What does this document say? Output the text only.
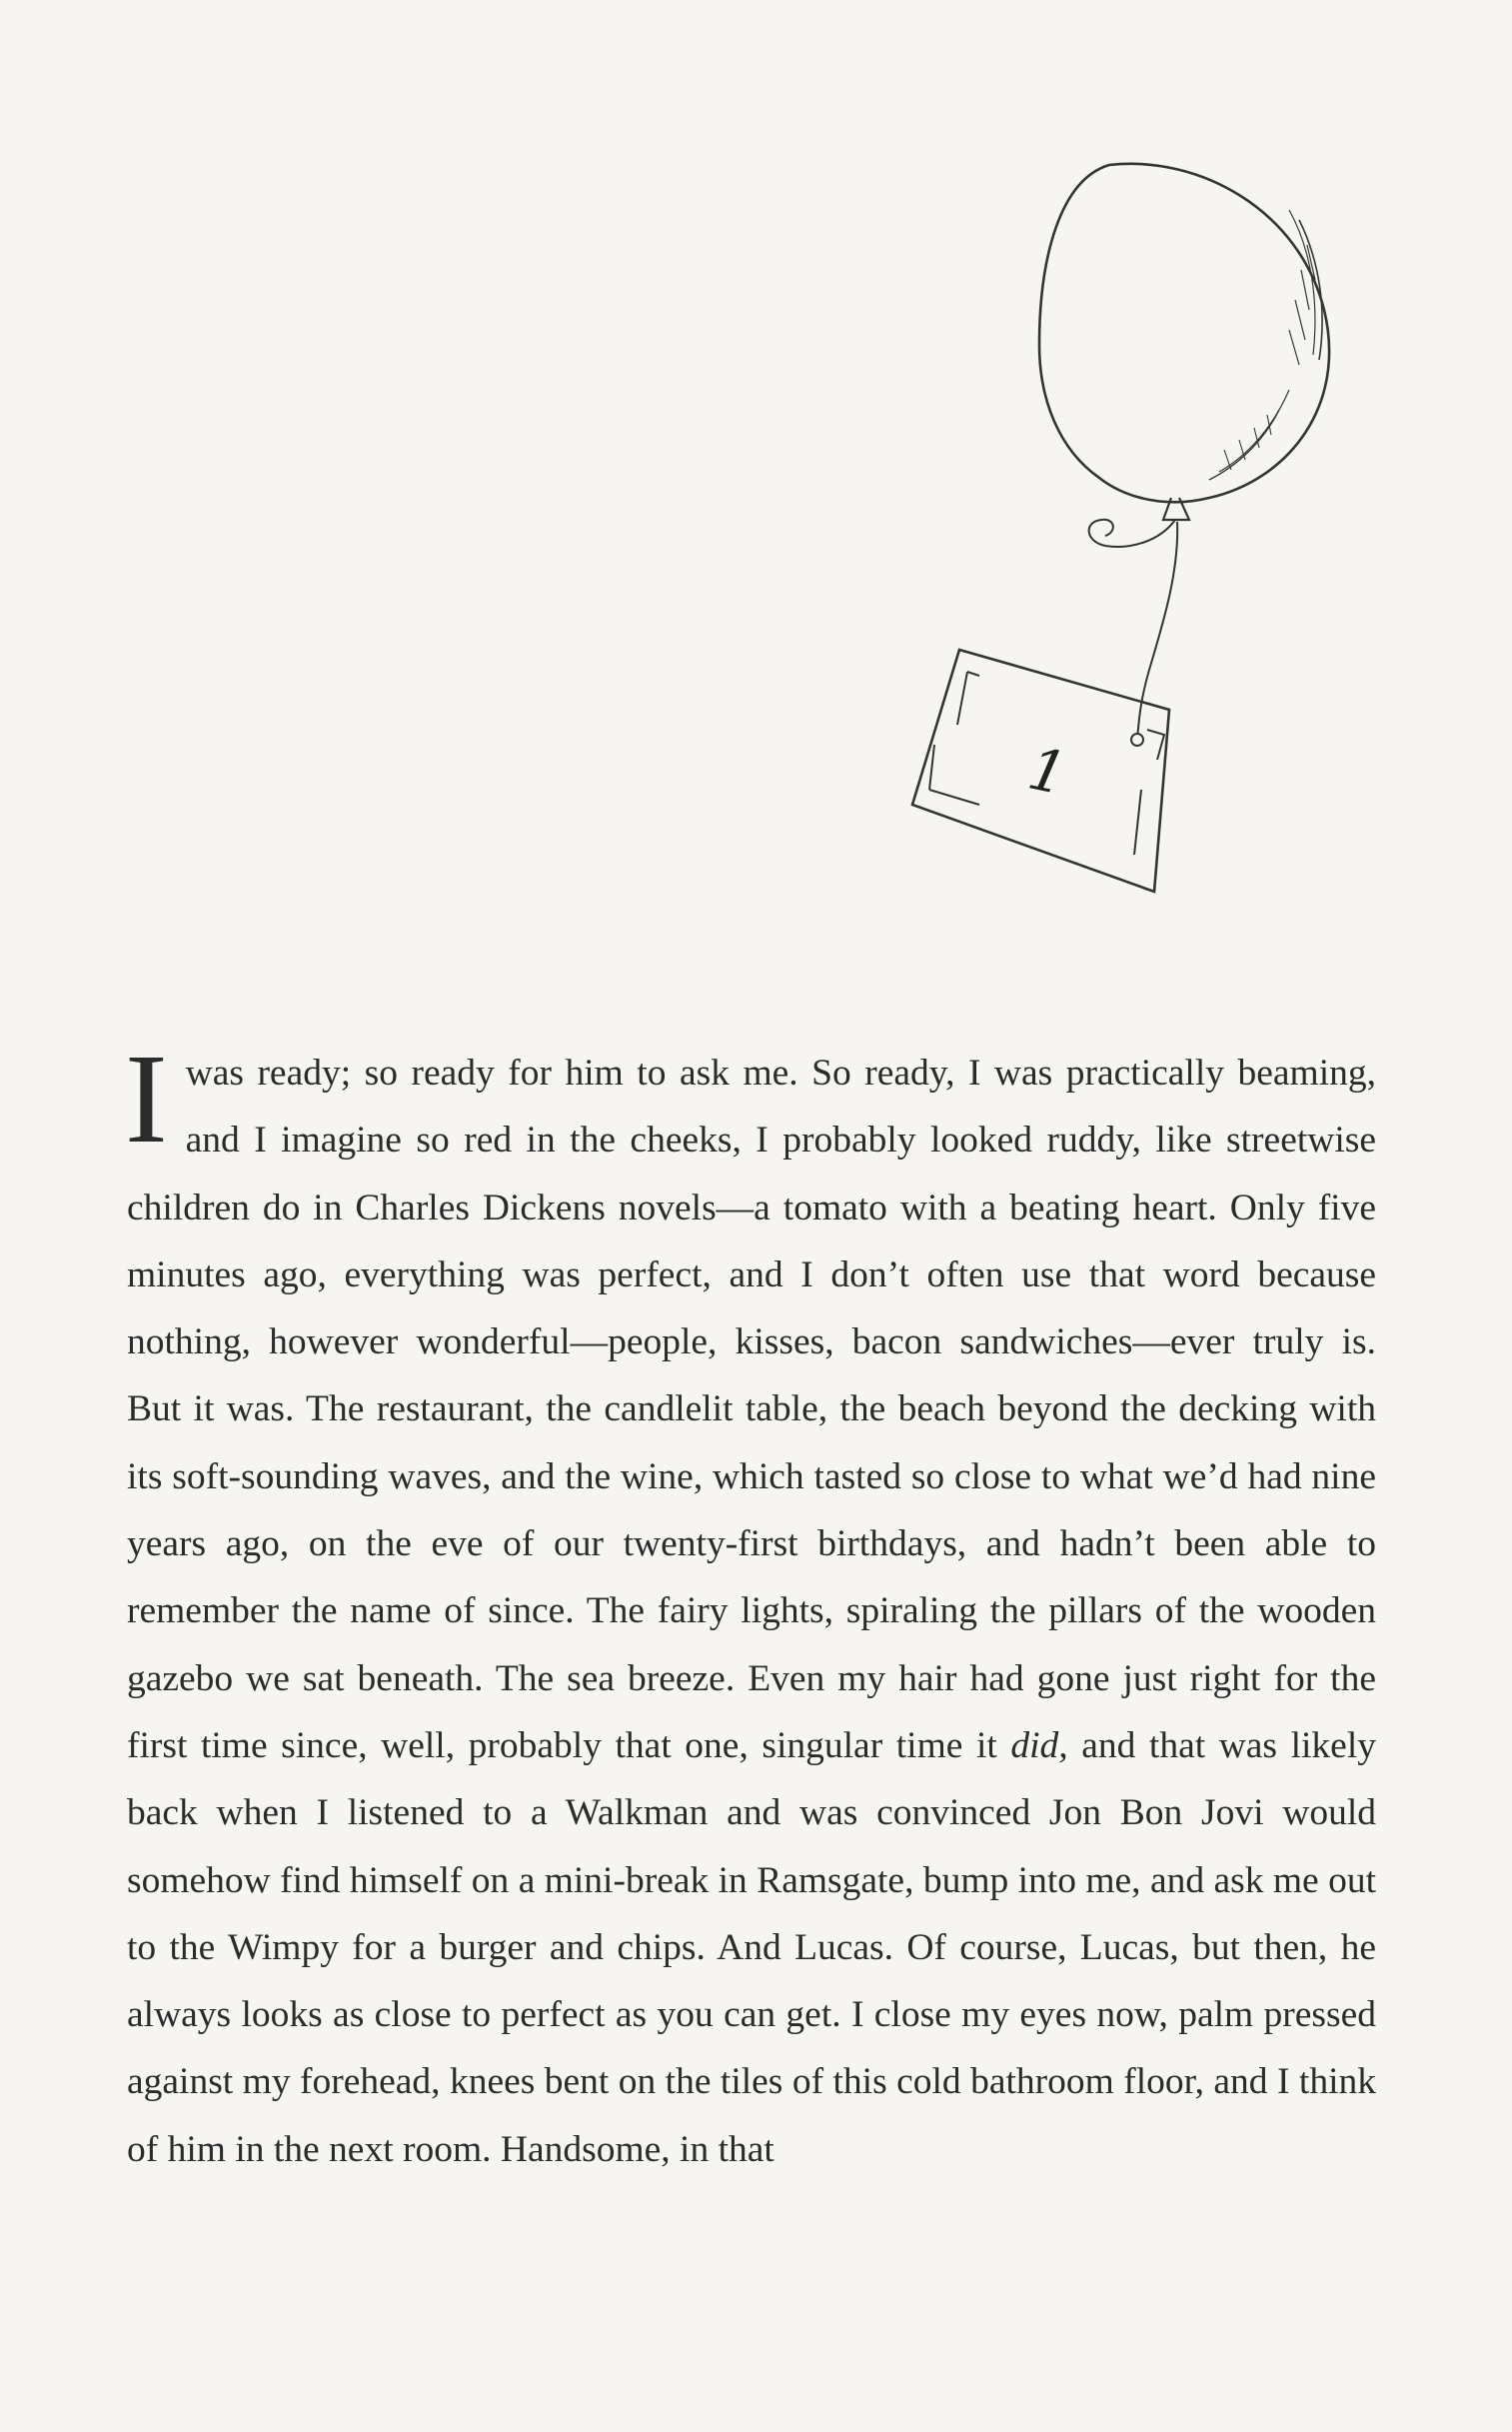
1
Iwas ready; so ready for him to ask me. So ready, I was practically beaming, and I imagine so red in the cheeks, I probably looked ruddy, like streetwise children do in Charles Dickens novels—a tomato with a beating heart. Only five minutes ago, everything was perfect, and I don’t often use that word because nothing, however wonderful—people, kisses, bacon sandwiches—ever truly is. But it was. The restaurant, the candlelit table, the beach beyond the decking with its soft-sounding waves, and the wine, which tasted so close to what we’d had nine years ago, on the eve of our twenty-first birthdays, and hadn’t been able to remember the name of since. The fairy lights, spiraling the pillars of the wooden gazebo we sat beneath. The sea breeze. Even my hair had gone just right for the first time since, well, probably that one, singular time it did, and that was likely back when I listened to a Walkman and was convinced Jon Bon Jovi would somehow find himself on a mini-break in Ramsgate, bump into me, and ask me out to the Wimpy for a burger and chips. And Lucas. Of course, Lucas, but then, he always looks as close to perfect as you can get. I close my eyes now, palm pressed against my forehead, knees bent on the tiles of this cold bathroom floor, and I think of him in the next room. Handsome, in that
